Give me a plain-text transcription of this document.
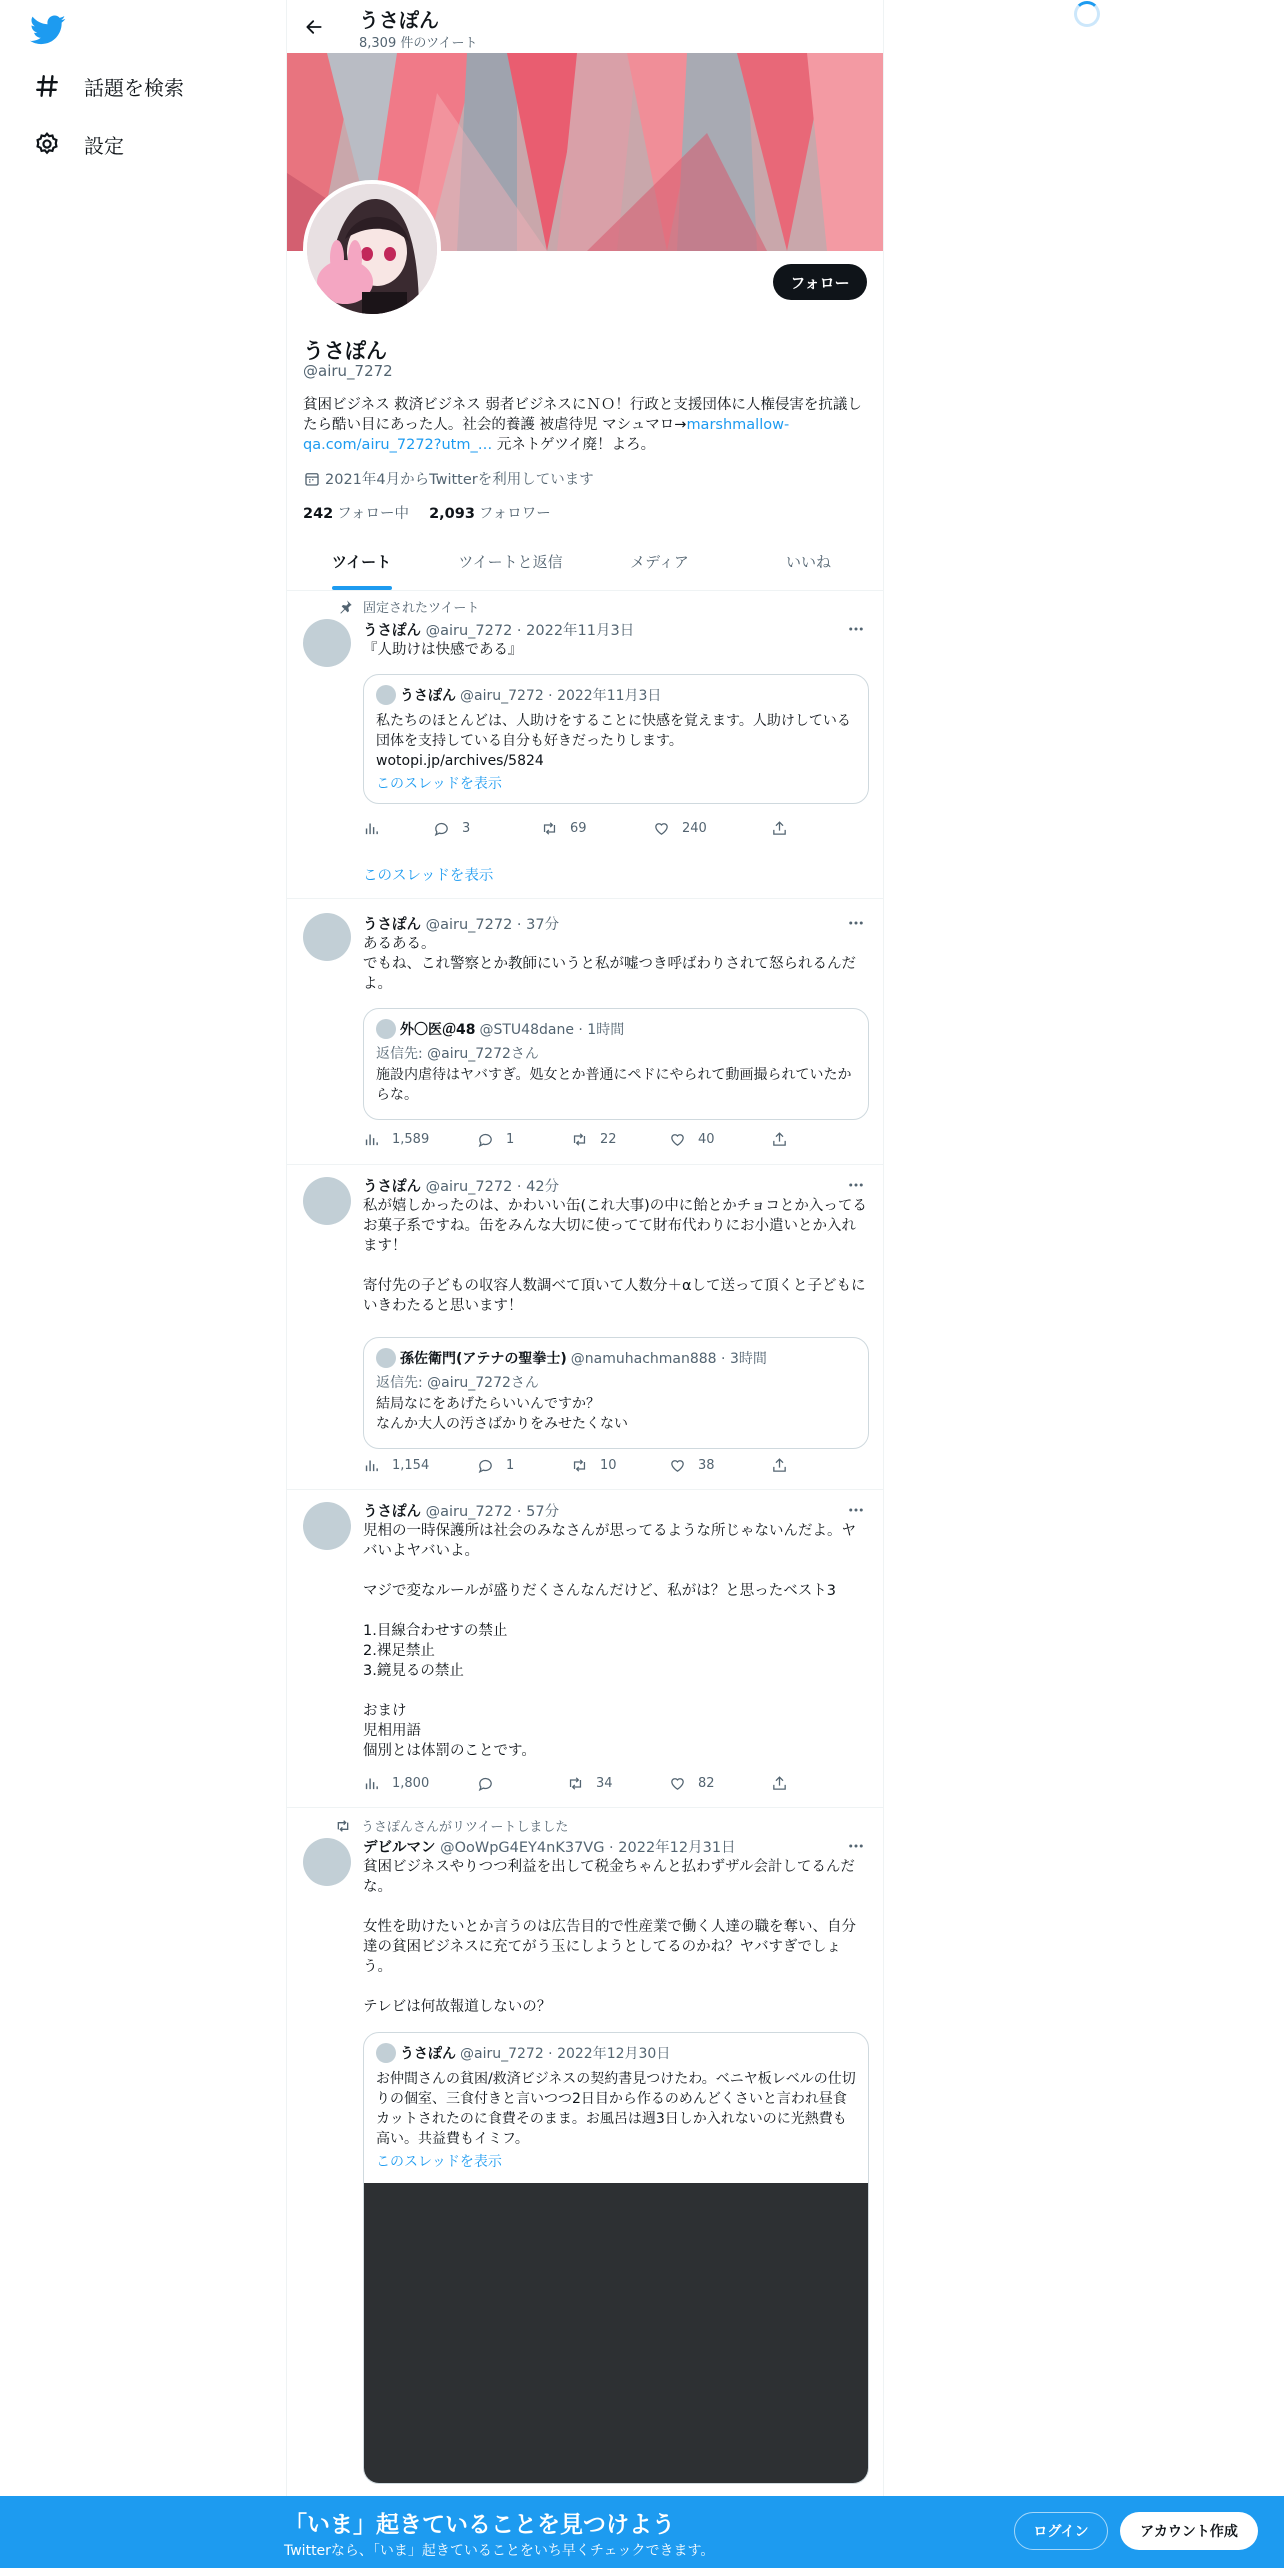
話題を検索
設定
うさぽん
8,309 件のツイート
フォロー
うさぽん
@airu_7272
貧困ビジネス 救済ビジネス 弱者ビジネスにＮＯ！行政と支援団体に人権侵害を抗議したら酷い目にあった人。社会的養護 被虐待児 マシュマロ→marshmallow-qa.com/airu_7272?utm_… 元ネトゲツイ廃！よろ。
2021年4月からTwitterを利用しています
242 フォロー中 2,093 フォロワー
ツイート	ツイートと返信	メディア	いいね
固定されたツイート
うさぽん @airu_7272 · 2022年11月3日
『人助けは快感である』
うさぽん @airu_7272 · 2022年11月3日
私たちのほとんどは、人助けをすることに快感を覚えます。人助けしている団体を支持している自分も好きだったりします。
wotopi.jp/archives/5824
このスレッドを表示
3	69	240
このスレッドを表示
うさぽん @airu_7272 · 37分
あるある。
でもね、これ警察とか教師にいうと私が嘘つき呼ばわりされて怒られるんだよ。
外〇医＠48 @STU48dane · 1時間
返信先: @airu_7272さん
施設内虐待はヤバすぎ。処女とか普通にペドにやられて動画撮られていたからな。
1,589	1	22	40
うさぽん @airu_7272 · 42分
私が嬉しかったのは、かわいい缶(これ大事)の中に飴とかチョコとか入ってるお菓子系ですね。缶をみんな大切に使ってて財布代わりにお小遣いとか入れます！

寄付先の子どもの収容人数調べて頂いて人数分＋αして送って頂くと子どもにいきわたると思います！
孫佐衛門(アテナの聖拳士) @namuhachman888 · 3時間
返信先: @airu_7272さん
結局なにをあげたらいいんですか？
なんか大人の汚さばかりをみせたくない
1,154	1	10	38
うさぽん @airu_7272 · 57分
児相の一時保護所は社会のみなさんが思ってるような所じゃないんだよ。ヤバいよヤバいよ。

マジで変なルールが盛りだくさんなんだけど、私がは？と思ったベスト3

1.目線合わせすの禁止
2.裸足禁止
3.鏡見るの禁止

おまけ
児相用語
個別とは体罰のことです。
1,800	34	82
うさぽんさんがリツイートしました
デビルマン @OoWpG4EY4nK37VG · 2022年12月31日
貧困ビジネスやりつつ利益を出して税金ちゃんと払わずザル会計してるんだな。

女性を助けたいとか言うのは広告目的で性産業で働く人達の職を奪い、自分達の貧困ビジネスに充てがう玉にしようとしてるのかね？ヤバすぎでしょう。

テレビは何故報道しないの？
うさぽん @airu_7272 · 2022年12月30日
お仲間さんの貧困/救済ビジネスの契約書見つけたわ。ベニヤ板レベルの仕切りの個室、三食付きと言いつつ2日目から作るのめんどくさいと言われ昼食カットされたのに食費そのまま。お風呂は週3日しか入れないのに光熱費も高い。共益費もイミフ。
このスレッドを表示
「いま」起きていることを見つけよう
Twitterなら、「いま」起きていることをいち早くチェックできます。
ログイン	アカウント作成
